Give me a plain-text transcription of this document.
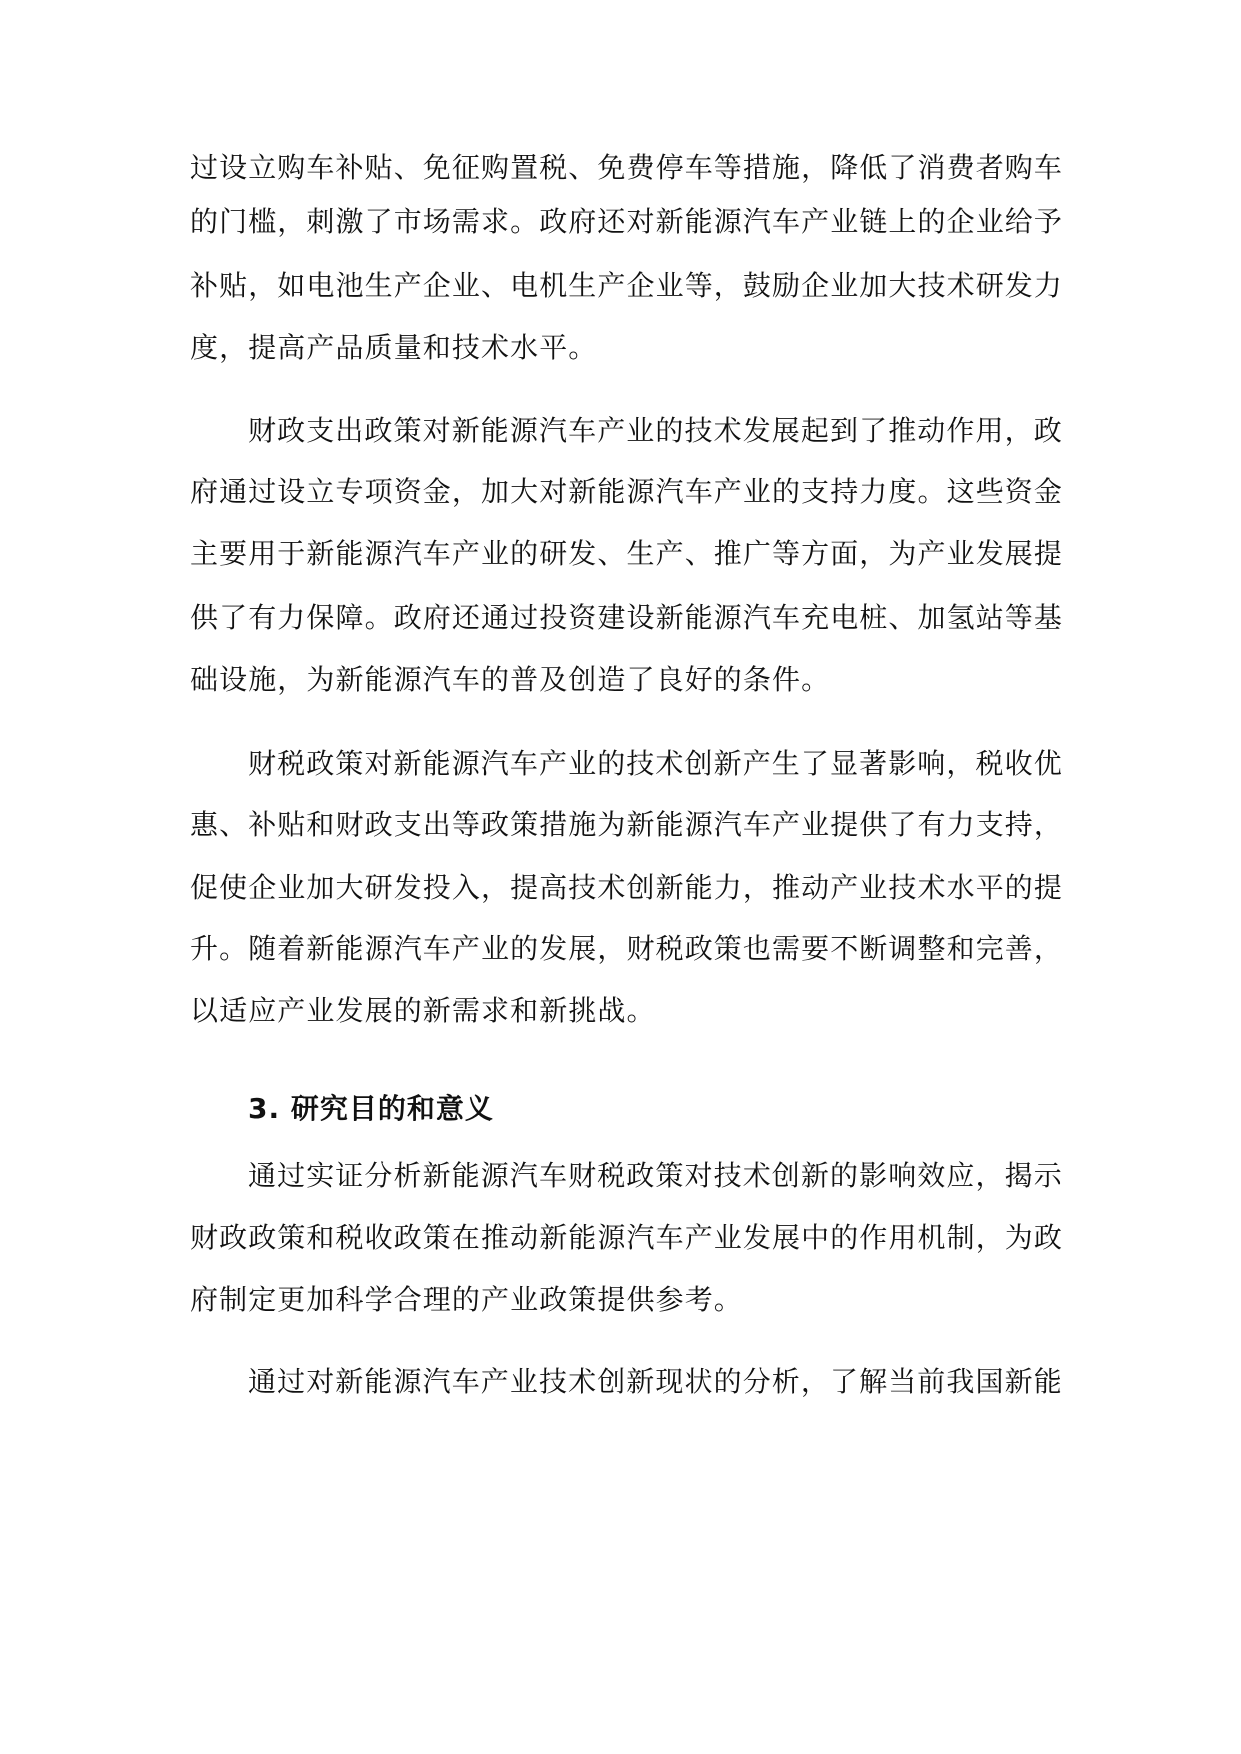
过设立购车补贴、免征购置税、免费停车等措施，降低了消费者购车
的门槛，刺激了市场需求。政府还对新能源汽车产业链上的企业给予
补贴，如电池生产企业、电机生产企业等，鼓励企业加大技术研发力
度，提高产品质量和技术水平。
财政支出政策对新能源汽车产业的技术发展起到了推动作用，政
府通过设立专项资金，加大对新能源汽车产业的支持力度。这些资金
主要用于新能源汽车产业的研发、生产、推广等方面，为产业发展提
供了有力保障。政府还通过投资建设新能源汽车充电桩、加氢站等基
础设施，为新能源汽车的普及创造了良好的条件。
财税政策对新能源汽车产业的技术创新产生了显著影响，税收优
惠、补贴和财政支出等政策措施为新能源汽车产业提供了有力支持，
促使企业加大研发投入，提高技术创新能力，推动产业技术水平的提
升。随着新能源汽车产业的发展，财税政策也需要不断调整和完善，
以适应产业发展的新需求和新挑战。
3. 研究目的和意义
通过实证分析新能源汽车财税政策对技术创新的影响效应，揭示
财政政策和税收政策在推动新能源汽车产业发展中的作用机制，为政
府制定更加科学合理的产业政策提供参考。
通过对新能源汽车产业技术创新现状的分析，了解当前我国新能
